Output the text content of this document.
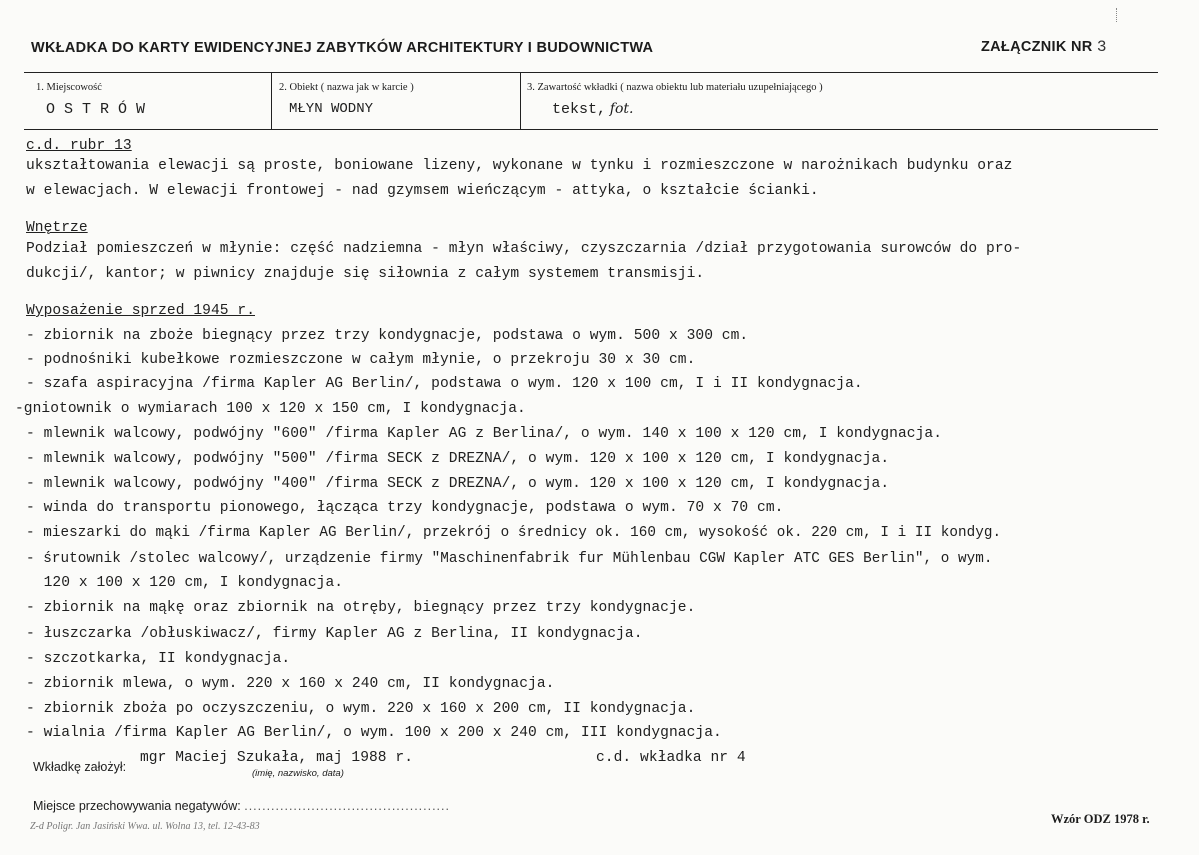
WKŁADKA DO KARTY EWIDENCYJNEJ ZABYTKÓW ARCHITEKTURY I BUDOWNICTWA	ZAŁĄCZNIK NR 3
1. Miejscowość
OSTRÓW
2. Obiekt ( nazwa jak w karcie )
MŁYN WODNY
3. Zawartość wkładki ( nazwa obiektu lub materiału uzupełniającego )
tekst, fot.
c.d. rubr 13
ukształtowania elewacji są proste, boniowane lizeny, wykonane w tynku i rozmieszczone w narożnikach budynku oraz
w elewacjach. W elewacji frontowej - nad gzymsem wieńczącym - attyka, o kształcie ścianki.
Wnętrze
Podział pomieszczeń w młynie: część nadziemna - młyn właściwy, czyszczarnia /dział przygotowania surowców do pro-
dukcji/, kantor; w piwnicy znajduje się siłownia z całym systemem transmisji.
Wyposażenie sprzed 1945 r.
- zbiornik na zboże biegnący przez trzy kondygnacje, podstawa o wym. 500 x 300 cm.
- podnośniki kubełkowe rozmieszczone w całym młynie, o przekroju 30 x 30 cm.
- szafa aspiracyjna /firma Kapler AG Berlin/, podstawa o wym. 120 x 100 cm, I i II kondygnacja.
-gniotownik o wymiarach 100 x 120 x 150 cm, I kondygnacja.
- mlewnik walcowy, podwójny "600" /firma Kapler AG z Berlina/, o wym. 140 x 100 x 120 cm, I kondygnacja.
- mlewnik walcowy, podwójny "500" /firma SECK z DREZNA/, o wym. 120 x 100 x 120 cm, I kondygnacja.
- mlewnik walcowy, podwójny "400" /firma SECK z DREZNA/, o wym. 120 x 100 x 120 cm, I kondygnacja.
- winda do transportu pionowego, łącząca trzy kondygnacje, podstawa o wym. 70 x 70 cm.
- mieszarki do mąki /firma Kapler AG Berlin/, przekrój o średnicy ok. 160 cm, wysokość ok. 220 cm, I i II kondyg.
- śrutownik /stolec walcowy/, urządzenie firmy "Maschinenfabrik fur Mühlenbau CGW Kapler ATC GES Berlin", o wym.
120 x 100 x 120 cm, I kondygnacja.
- zbiornik na mąkę oraz zbiornik na otręby, biegnący przez trzy kondygnacje.
- łuszczarka /obłuskiwacz/, firmy Kapler AG z Berlina, II kondygnacja.
- szczotkarka, II kondygnacja.
- zbiornik mlewa, o wym. 220 x 160 x 240 cm, II kondygnacja.
- zbiornik zboża po oczyszczeniu, o wym. 220 x 160 x 200 cm, II kondygnacja.
- wialnia /firma Kapler AG Berlin/, o wym. 100 x 200 x 240 cm, III kondygnacja.
Wkładkę założył:
mgr Maciej Szukała, maj 1988 r.
(imię, nazwisko, data)
c.d. wkładka nr 4
Miejsce przechowywania negatywów: ..............................................
Z-d Poligr. Jan Jasiński Wwa. ul. Wolna 13, tel. 12-43-83
Wzór ODZ 1978 r.
